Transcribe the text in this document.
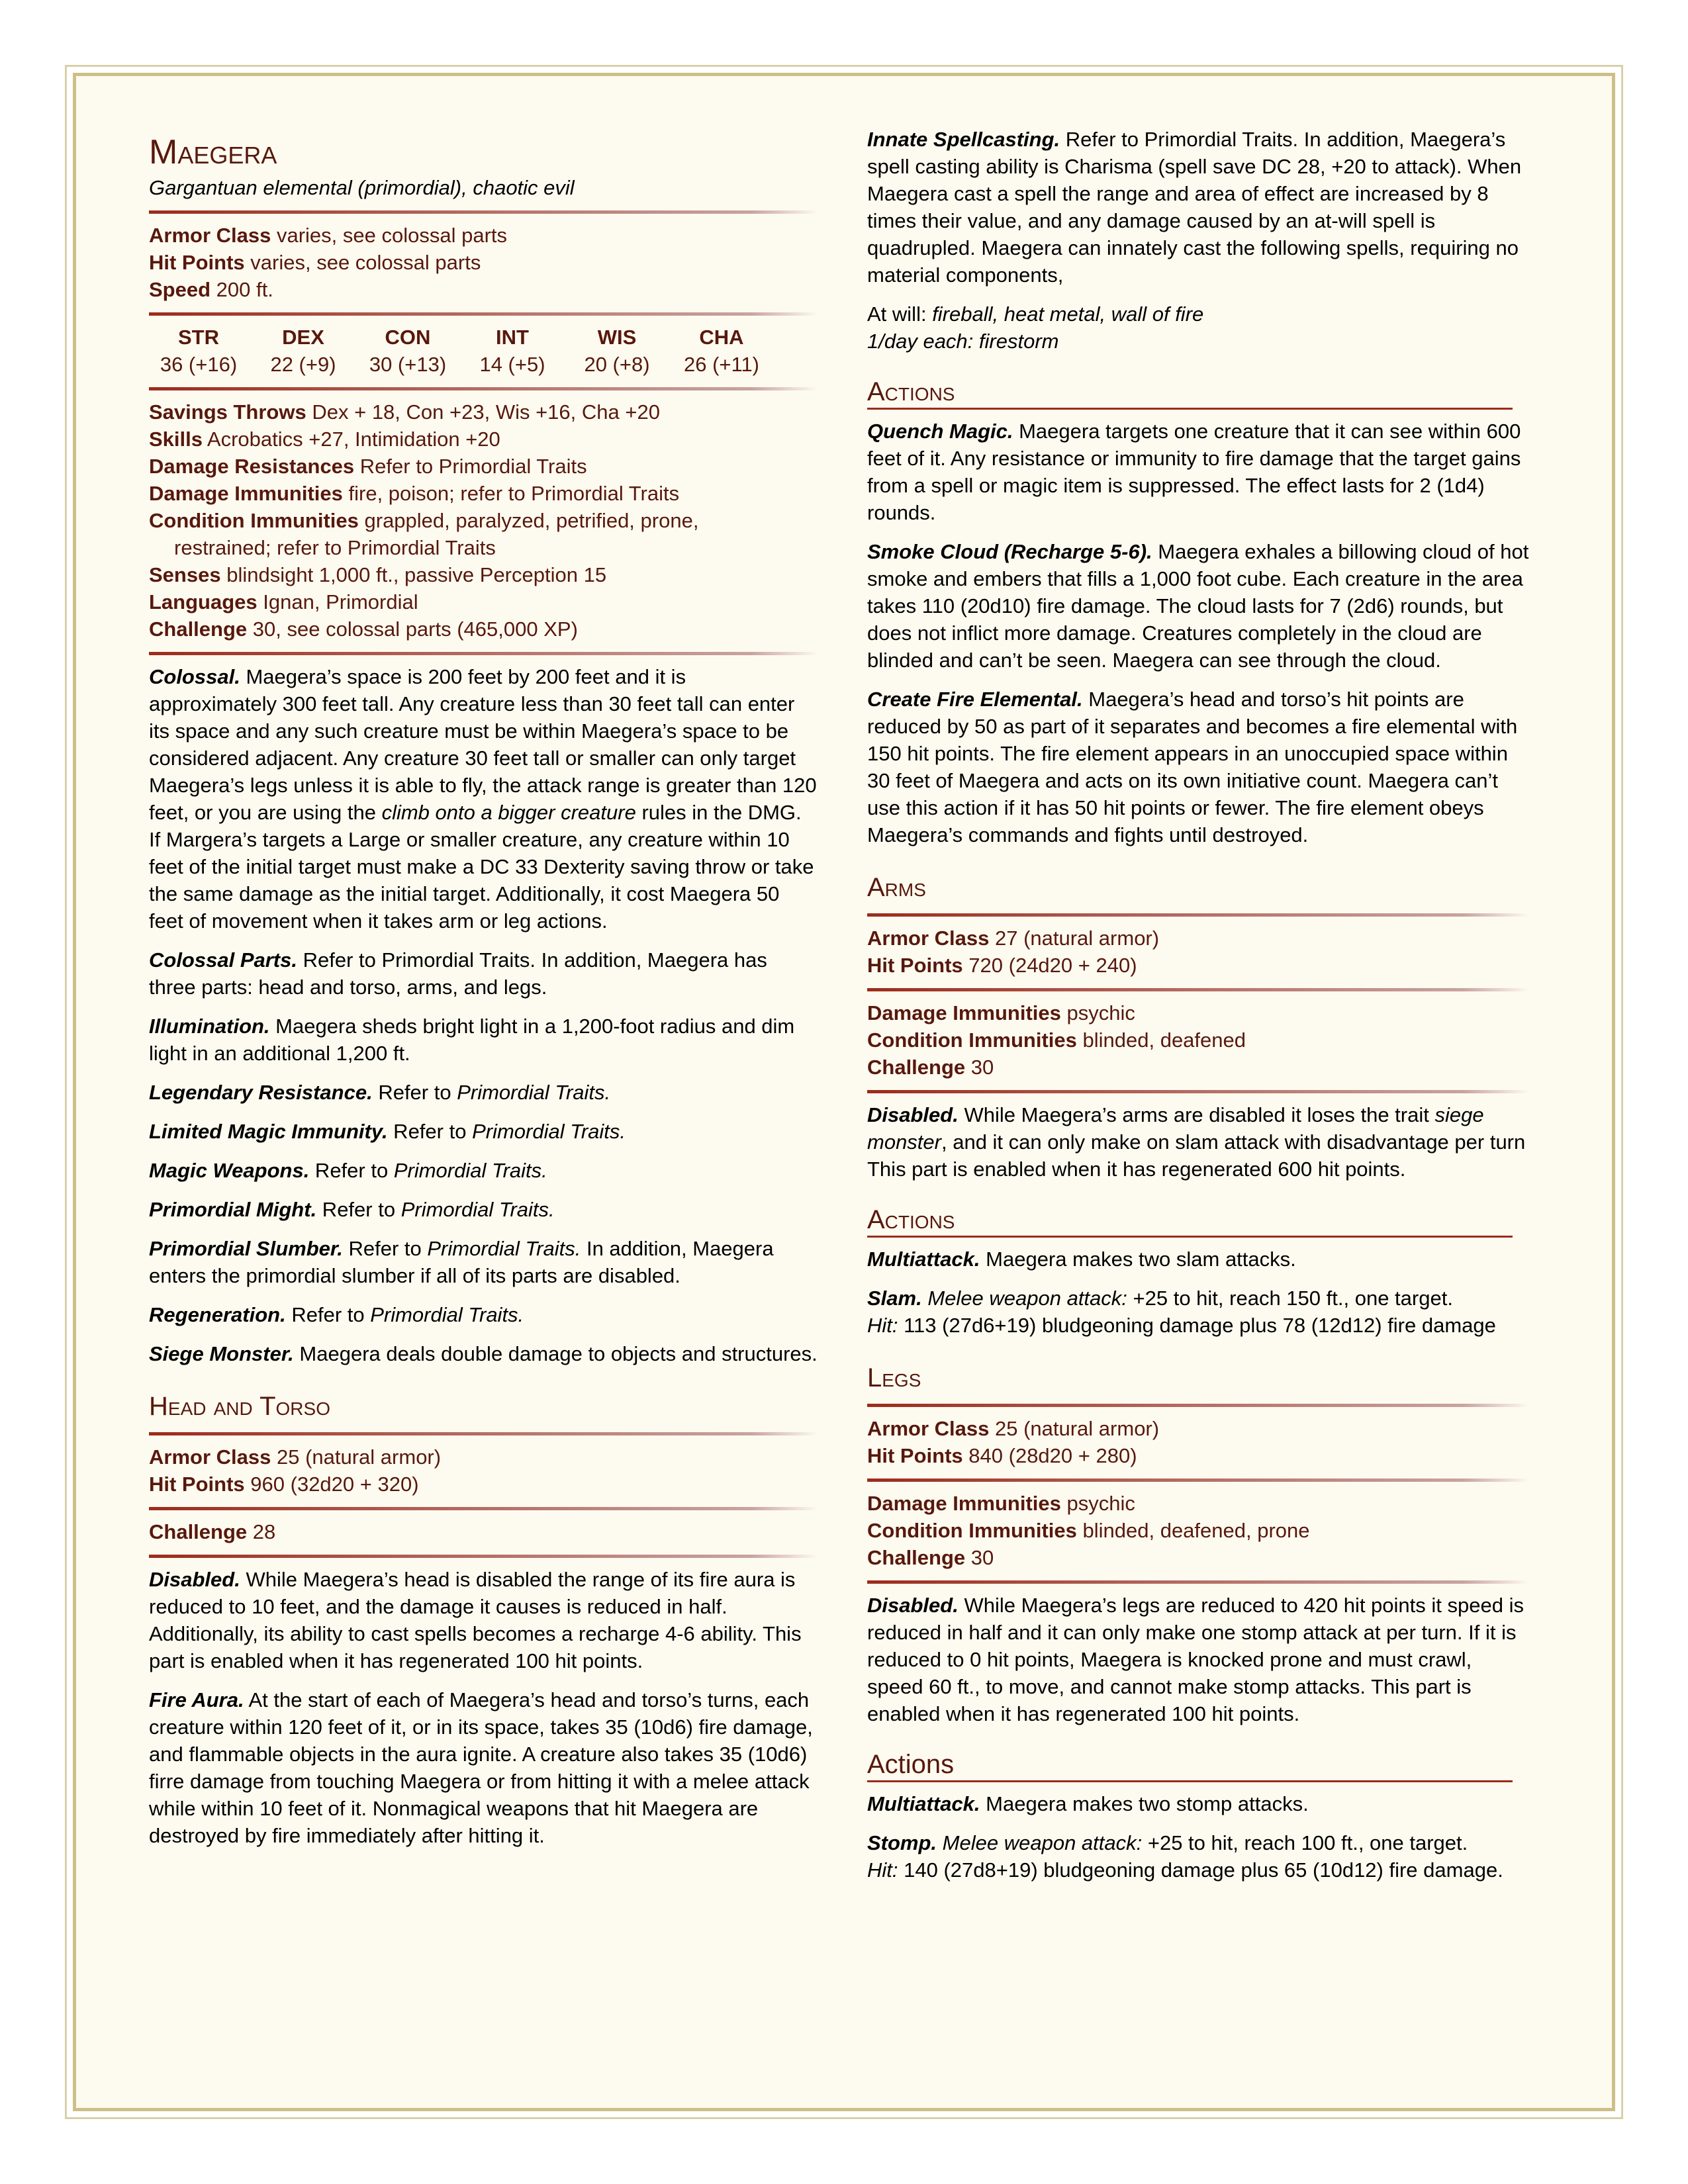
Maegera
Gargantuan elemental (primordial), chaotic evil

Armor Class varies, see colossal parts

Hit Points varies, see colossal parts

Speed 200 ft.

STR
36 (+16)
DEX
22 (+9)
CON
30 (+13)
INT
14 (+5)
WIS
20 (+8)
CHA
26 (+11)

Savings Throws Dex + 18, Con +23, Wis +16, Cha +20

Skills Acrobatics +27, Intimidation +20

Damage Resistances Refer to Primordial Traits

Damage Immunities fire, poison; refer to Primordial Traits

Condition Immunities grappled, paralyzed, petrified, prone,

restrained; refer to Primordial Traits

Senses blindsight 1,000 ft., passive Perception 15

Languages Ignan, Primordial

Challenge 30, see colossal parts (465,000 XP)

Colossal. Maegera’s space is 200 feet by 200 feet and it is approximately 300 feet tall. Any creature less than 30 feet tall can enter its space and any such creature must be within Maegera’s space to be considered adjacent. Any creature 30 feet tall or smaller can only target Maegera’s legs unless it is able to fly, the attack range is greater than 120 feet, or you are using the climb onto a bigger creature rules in the DMG. If Margera’s targets a Large or smaller creature, any creature within 10 feet of the initial target must make a DC 33 Dexterity saving throw or take the same damage as the initial target. Additionally, it cost Maegera 50 feet of movement when it takes arm or leg actions.

Colossal Parts. Refer to Primordial Traits. In addition, Maegera has three parts: head and torso, arms, and legs.

Illumination. Maegera sheds bright light in a 1,200-foot radius and dim light in an additional 1,200 ft.

Legendary Resistance. Refer to Primordial Traits.

Limited Magic Immunity. Refer to Primordial Traits.

Magic Weapons. Refer to Primordial Traits.

Primordial Might. Refer to Primordial Traits.

Primordial Slumber. Refer to Primordial Traits. In addition, Maegera enters the primordial slumber if all of its parts are disabled.

Regeneration. Refer to Primordial Traits.

Siege Monster. Maegera deals double damage to objects and structures.

Head and Torso

Armor Class 25 (natural armor)

Hit Points 960 (32d20 + 320)

Challenge 28

Disabled. While Maegera’s head is disabled the range of its fire aura is reduced to 10 feet, and the damage it causes is reduced in half. Additionally, its ability to cast spells becomes a recharge 4-6 ability. This part is enabled when it has regenerated 100 hit points.

Fire Aura. At the start of each of Maegera’s head and torso’s turns, each creature within 120 feet of it, or in its space, takes 35 (10d6) fire damage, and flammable objects in the aura ignite. A creature also takes 35 (10d6) firre damage from touching Maegera or from hitting it with a melee attack while within 10 feet of it. Nonmagical weapons that hit Maegera are destroyed by fire immediately after hitting it.

Innate Spellcasting. Refer to Primordial Traits. In addition, Maegera’s spell casting ability is Charisma (spell save DC 28, +20 to attack). When Maegera cast a spell the range and area of effect are increased by 8 times their value, and any damage caused by an at-will spell is quadrupled. Maegera can innately cast the following spells, requiring no material components,

At will: fireball, heat metal, wall of fire

1/day each: firestorm

Actions

Quench Magic. Maegera targets one creature that it can see within 600 feet of it. Any resistance or immunity to fire damage that the target gains from a spell or magic item is suppressed. The effect lasts for 2 (1d4) rounds.

Smoke Cloud (Recharge 5-6). Maegera exhales a billowing cloud of hot smoke and embers that fills a 1,000 foot cube. Each creature in the area takes 110 (20d10) fire damage. The cloud lasts for 7 (2d6) rounds, but does not inflict more damage. Creatures completely in the cloud are blinded and can’t be seen. Maegera can see through the cloud.

Create Fire Elemental. Maegera’s head and torso’s hit points are reduced by 50 as part of it separates and becomes a fire elemental with 150 hit points. The fire element appears in an unoccupied space within 30 feet of Maegera and acts on its own initiative count. Maegera can’t use this action if it has 50 hit points or fewer. The fire element obeys Maegera’s commands and fights until destroyed.

Arms

Armor Class 27 (natural armor)

Hit Points 720 (24d20 + 240)

Damage Immunities psychic

Condition Immunities blinded, deafened

Challenge 30

Disabled. While Maegera’s arms are disabled it loses the trait siege monster, and it can only make on slam attack with disadvantage per turn This part is enabled when it has regenerated 600 hit points.

Actions

Multiattack. Maegera makes two slam attacks.

Slam. Melee weapon attack: +25 to hit, reach 150 ft., one target.
Hit: 113 (27d6+19) bludgeoning damage plus 78 (12d12) fire damage

Legs

Armor Class 25 (natural armor)

Hit Points 840 (28d20 + 280)

Damage Immunities psychic

Condition Immunities blinded, deafened, prone

Challenge 30

Disabled. While Maegera’s legs are reduced to 420 hit points it speed is reduced in half and it can only make one stomp attack at per turn. If it is reduced to 0 hit points, Maegera is knocked prone and must crawl, speed 60 ft., to move, and cannot make stomp attacks. This part is enabled when it has regenerated 100 hit points.

Actions

Multiattack. Maegera makes two stomp attacks.

Stomp. Melee weapon attack: +25 to hit, reach 100 ft., one target.
Hit: 140 (27d8+19) bludgeoning damage plus 65 (10d12) fire damage.
